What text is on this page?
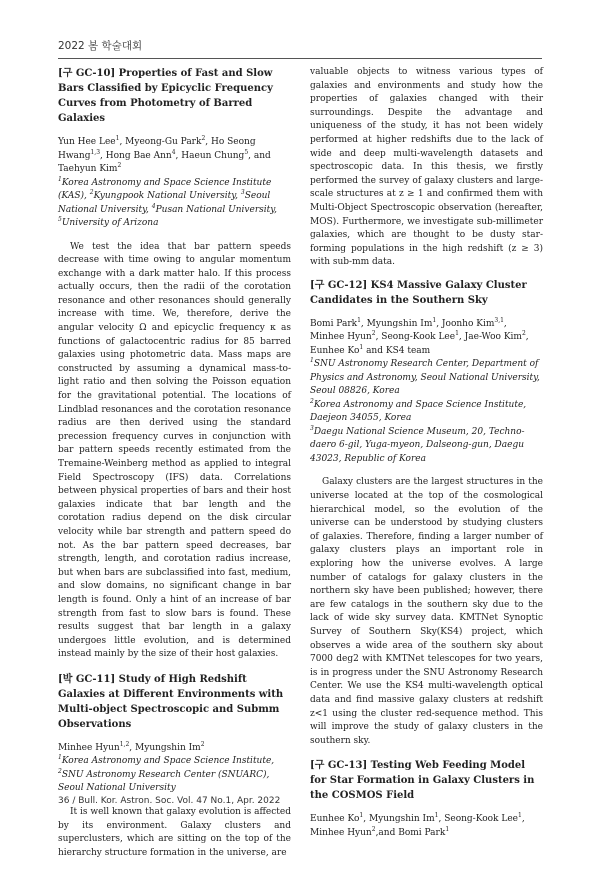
2022 봄 학술대회

[구 GC-10] Properties of Fast and Slow Bars Classified by Epicyclic Frequency Curves from Photometry of Barred Galaxies

Yun Hee Lee$^1$, Myeong-Gu Park$^2$, Ho Seong Hwang$^{1,3}$, Hong Bae Ann$^4$, Haeun Chung$^5$, and Taehyun Kim$^2$

$^1$Korea Astronomy and Space Science Institute (KAS), $^2$Kyungpook National University, $^3$Seoul National University, $^4$Pusan National University,
$^5$University of Arizona

We test the idea that bar pattern speeds decrease with time owing to angular momentum exchange with a dark matter halo. If this process actually occurs, then the radii of the corotation resonance and other resonances should generally increase with time. We, therefore, derive the angular velocity Ω and epicyclic frequency κ as functions of galactocentric radius for 85 barred galaxies using photometric data. Mass maps are constructed by assuming a dynamical mass-to-light ratio and then solving the Poisson equation for the gravitational potential. The locations of Lindblad resonances and the corotation resonance radius are then derived using the standard precession frequency curves in conjunction with bar pattern speeds recently estimated from the Tremaine-Weinberg method as applied to integral Field Spectroscopy (IFS) data. Correlations between physical properties of bars and their host galaxies indicate that bar length and the corotation radius depend on the disk circular velocity while bar strength and pattern speed do not. As the bar pattern speed decreases, bar strength, length, and corotation radius increase, but when bars are subclassified into fast, medium, and slow domains, no significant change in bar length is found. Only a hint of an increase of bar strength from fast to slow bars is found. These results suggest that bar length in a galaxy undergoes little evolution, and is determined instead mainly by the size of their host galaxies.

[박 GC-11] Study of High Redshift Galaxies at Different Environments with Multi-object Spectroscopic and Submm Observations

Minhee Hyun$^{1,2}$, Myungshin Im$^2$

$^1$Korea Astronomy and Space Science Institute,
$^2$SNU Astronomy Research Center (SNUARC), Seoul National University

It is well known that galaxy evolution is affected by its environment. Galaxy clusters and superclusters, which are sitting on the top of the hierarchy structure formation in the universe, are

valuable objects to witness various types of galaxies and environments and study how the properties of galaxies changed with their surroundings. Despite the advantage and uniqueness of the study, it has not been widely performed at higher redshifts due to the lack of wide and deep multi-wavelength datasets and spectroscopic data. In this thesis, we firstly performed the survey of galaxy clusters and large-scale structures at z ≥ 1 and confirmed them with Multi-Object Spectroscopic observation (hereafter, MOS). Furthermore, we investigate sub-millimeter galaxies, which are thought to be dusty star-forming populations in the high redshift (z ≥ 3) with sub-mm data.

[구 GC-12] KS4 Massive Galaxy Cluster Candidates in the Southern Sky

Bomi Park$^1$, Myungshin Im$^1$, Joonho Kim$^{3,1}$, Minhee Hyun$^2$, Seong-Kook Lee$^1$, Jae-Woo Kim$^2$, Eunhee Ko$^1$ and KS4 team

$^1$SNU Astronomy Research Center, Department of Physics and Astronomy, Seoul National University, Seoul 08826, Korea
$^2$Korea Astronomy and Space Science Institute, Daejeon 34055, Korea
$^3$Daegu National Science Museum, 20, Techno-daero 6-gil, Yuga-myeon, Dalseong-gun, Daegu 43023, Republic of Korea

Galaxy clusters are the largest structures in the universe located at the top of the cosmological hierarchical model, so the evolution of the universe can be understood by studying clusters of galaxies. Therefore, finding a larger number of galaxy clusters plays an important role in exploring how the universe evolves. A large number of catalogs for galaxy clusters in the northern sky have been published; however, there are few catalogs in the southern sky due to the lack of wide sky survey data. KMTNet Synoptic Survey of Southern Sky(KS4) project, which observes a wide area of the southern sky about 7000 deg2 with KMTNet telescopes for two years, is in progress under the SNU Astronomy Research Center. We use the KS4 multi-wavelength optical data and find massive galaxy clusters at redshift z<1 using the cluster red-sequence method. This will improve the study of galaxy clusters in the southern sky.

[구 GC-13] Testing Web Feeding Model for Star Formation in Galaxy Clusters in the COSMOS Field

Eunhee Ko$^1$, Myungshin Im$^1$, Seong-Kook Lee$^1$, Minhee Hyun$^2$,and Bomi Park$^1$

36 / Bull. Kor. Astron. Soc. Vol. 47 No.1, Apr. 2022
